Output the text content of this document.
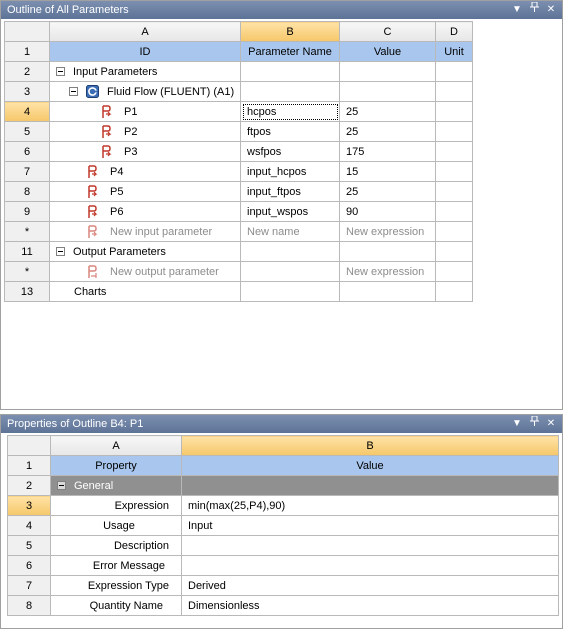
Outline of All Parameters	▼ ✕
	A	B	C	D
1	ID	Parameter Name	Value	Unit
2	Input Parameters			

3	Fluid Flow (FLUENT) (A1)			

4	P1	hcpos	25	
5	P2	ftpos	25	
6	P3	wsfpos	175	
7	P4	input_hcpos	15	
8	P5	input_ftpos	25	
9	P6	input_wspos	90	
*	New input parameter	New name	New expression	
11	Output Parameters			

*	New output parameter		New expression	
13	Charts			

Properties of Outline B4: P1	▼ ✕
	A	B
1	Property	Value
2	General	

3	Expression	min(max(25,P4),90)
4	Usage	Input
5	Description	
6	Error Message	
7	Expression Type	Derived
8	Quantity Name	Dimensionless
